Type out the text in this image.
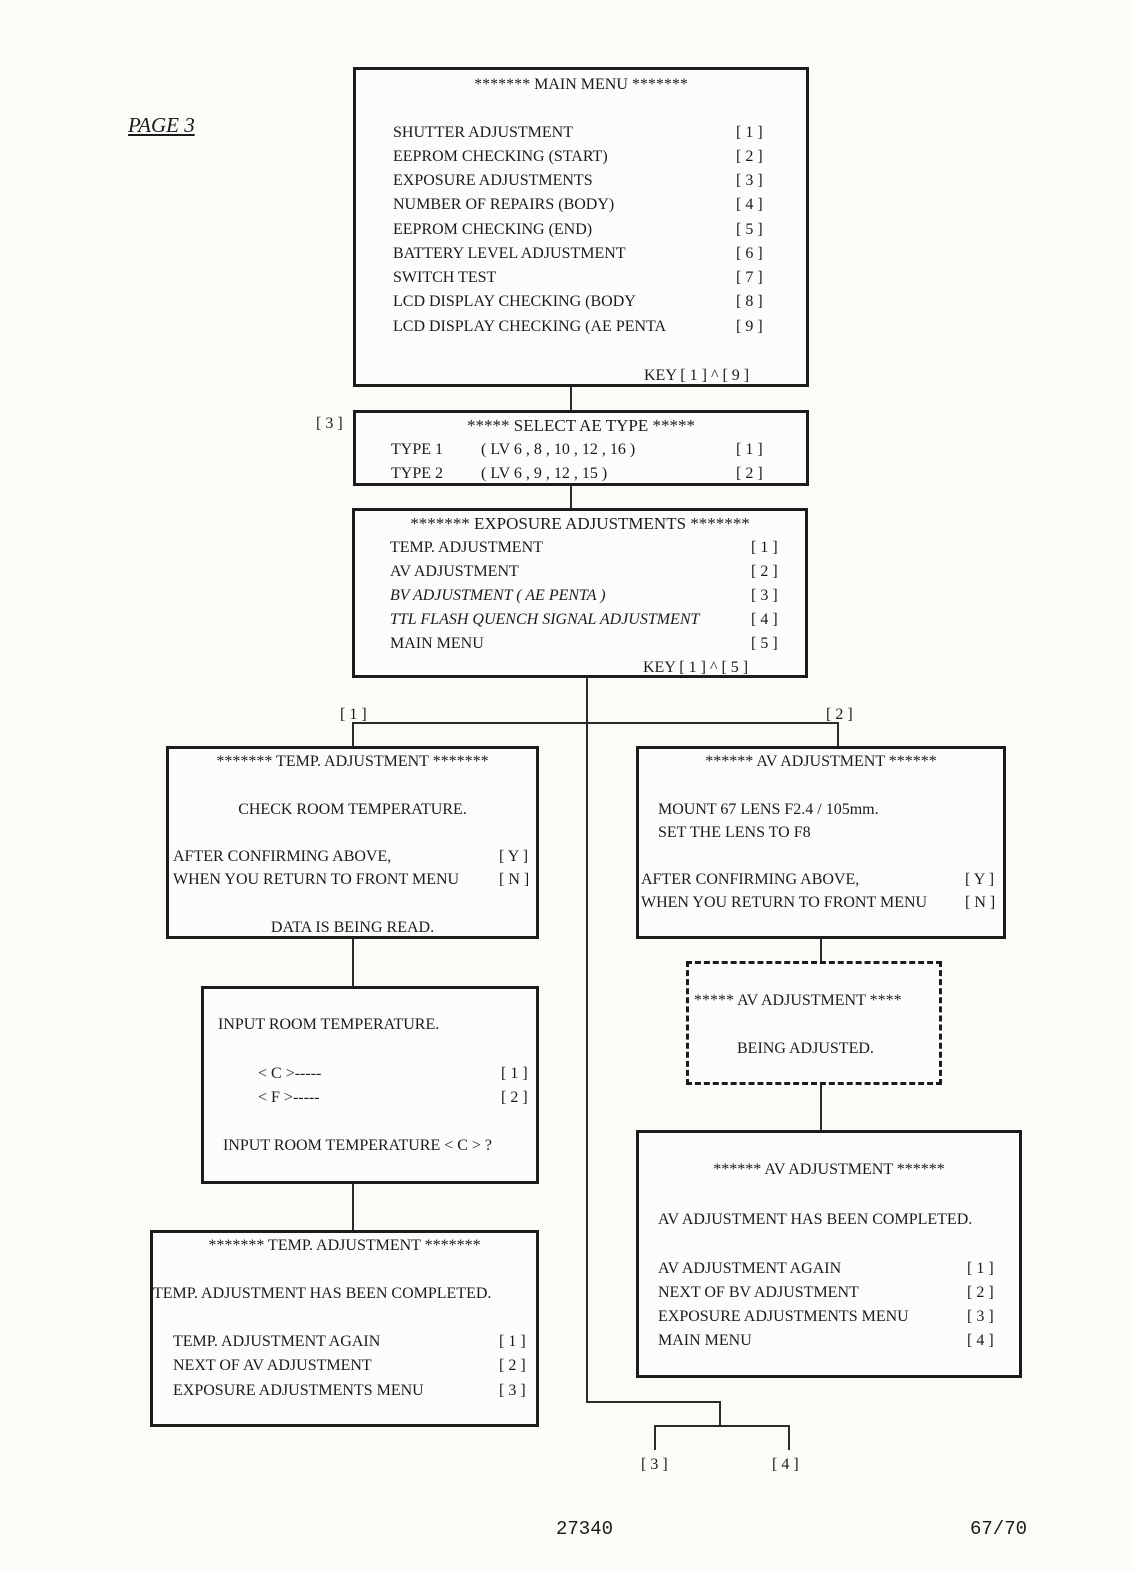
PAGE 3
******* MAIN MENU *******
SHUTTER ADJUSTMENT	[ 1 ]
EEPROM CHECKING (START)	[ 2 ]
EXPOSURE ADJUSTMENTS	[ 3 ]
NUMBER OF REPAIRS (BODY)	[ 4 ]
EEPROM CHECKING (END)	[ 5 ]
BATTERY LEVEL ADJUSTMENT	[ 6 ]
SWITCH TEST	[ 7 ]
LCD DISPLAY CHECKING (BODY	[ 8 ]
LCD DISPLAY CHECKING (AE PENTA	[ 9 ]
KEY [ 1 ] ^ [ 9 ]
[ 3 ]	***** SELECT AE TYPE *****
TYPE 1 ( LV 6 , 8 , 10 , 12 , 16 )	[ 1 ]
TYPE 2 ( LV 6 , 9 , 12 , 15 )	[ 2 ]
******* EXPOSURE ADJUSTMENTS *******
TEMP. ADJUSTMENT	[ 1 ]
AV ADJUSTMENT	[ 2 ]
BV ADJUSTMENT ( AE PENTA )	[ 3 ]
TTL FLASH QUENCH SIGNAL ADJUSTMENT	[ 4 ]
MAIN MENU	[ 5 ]
KEY [ 1 ] ^ [ 5 ]
[ 1 ]	[ 2 ]
******* TEMP. ADJUSTMENT *******
CHECK ROOM TEMPERATURE.
AFTER CONFIRMING ABOVE,	[ Y ]
WHEN YOU RETURN TO FRONT MENU [ N ]
DATA IS BEING READ.
INPUT ROOM TEMPERATURE.
< C >-----	[ 1 ]
< F >-----	[ 2 ]
INPUT ROOM TEMPERATURE < C > ?
******* TEMP. ADJUSTMENT *******
TEMP. ADJUSTMENT HAS BEEN COMPLETED.
TEMP. ADJUSTMENT AGAIN	[ 1 ]
NEXT OF AV ADJUSTMENT	[ 2 ]
EXPOSURE ADJUSTMENTS MENU	[ 3 ]
****** AV ADJUSTMENT ******
MOUNT 67 LENS F2.4 / 105mm.
SET THE LENS TO F8
AFTER CONFIRMING ABOVE,	[ Y ]
WHEN YOU RETURN TO FRONT MENU [ N ]
***** AV ADJUSTMENT ****
BEING ADJUSTED.
****** AV ADJUSTMENT ******
AV ADJUSTMENT HAS BEEN COMPLETED.
AV ADJUSTMENT AGAIN	[ 1 ]
NEXT OF BV ADJUSTMENT	[ 2 ]
EXPOSURE ADJUSTMENTS MENU	[ 3 ]
MAIN MENU	[ 4 ]
[ 3 ]	[ 4 ]
27340	67/70
